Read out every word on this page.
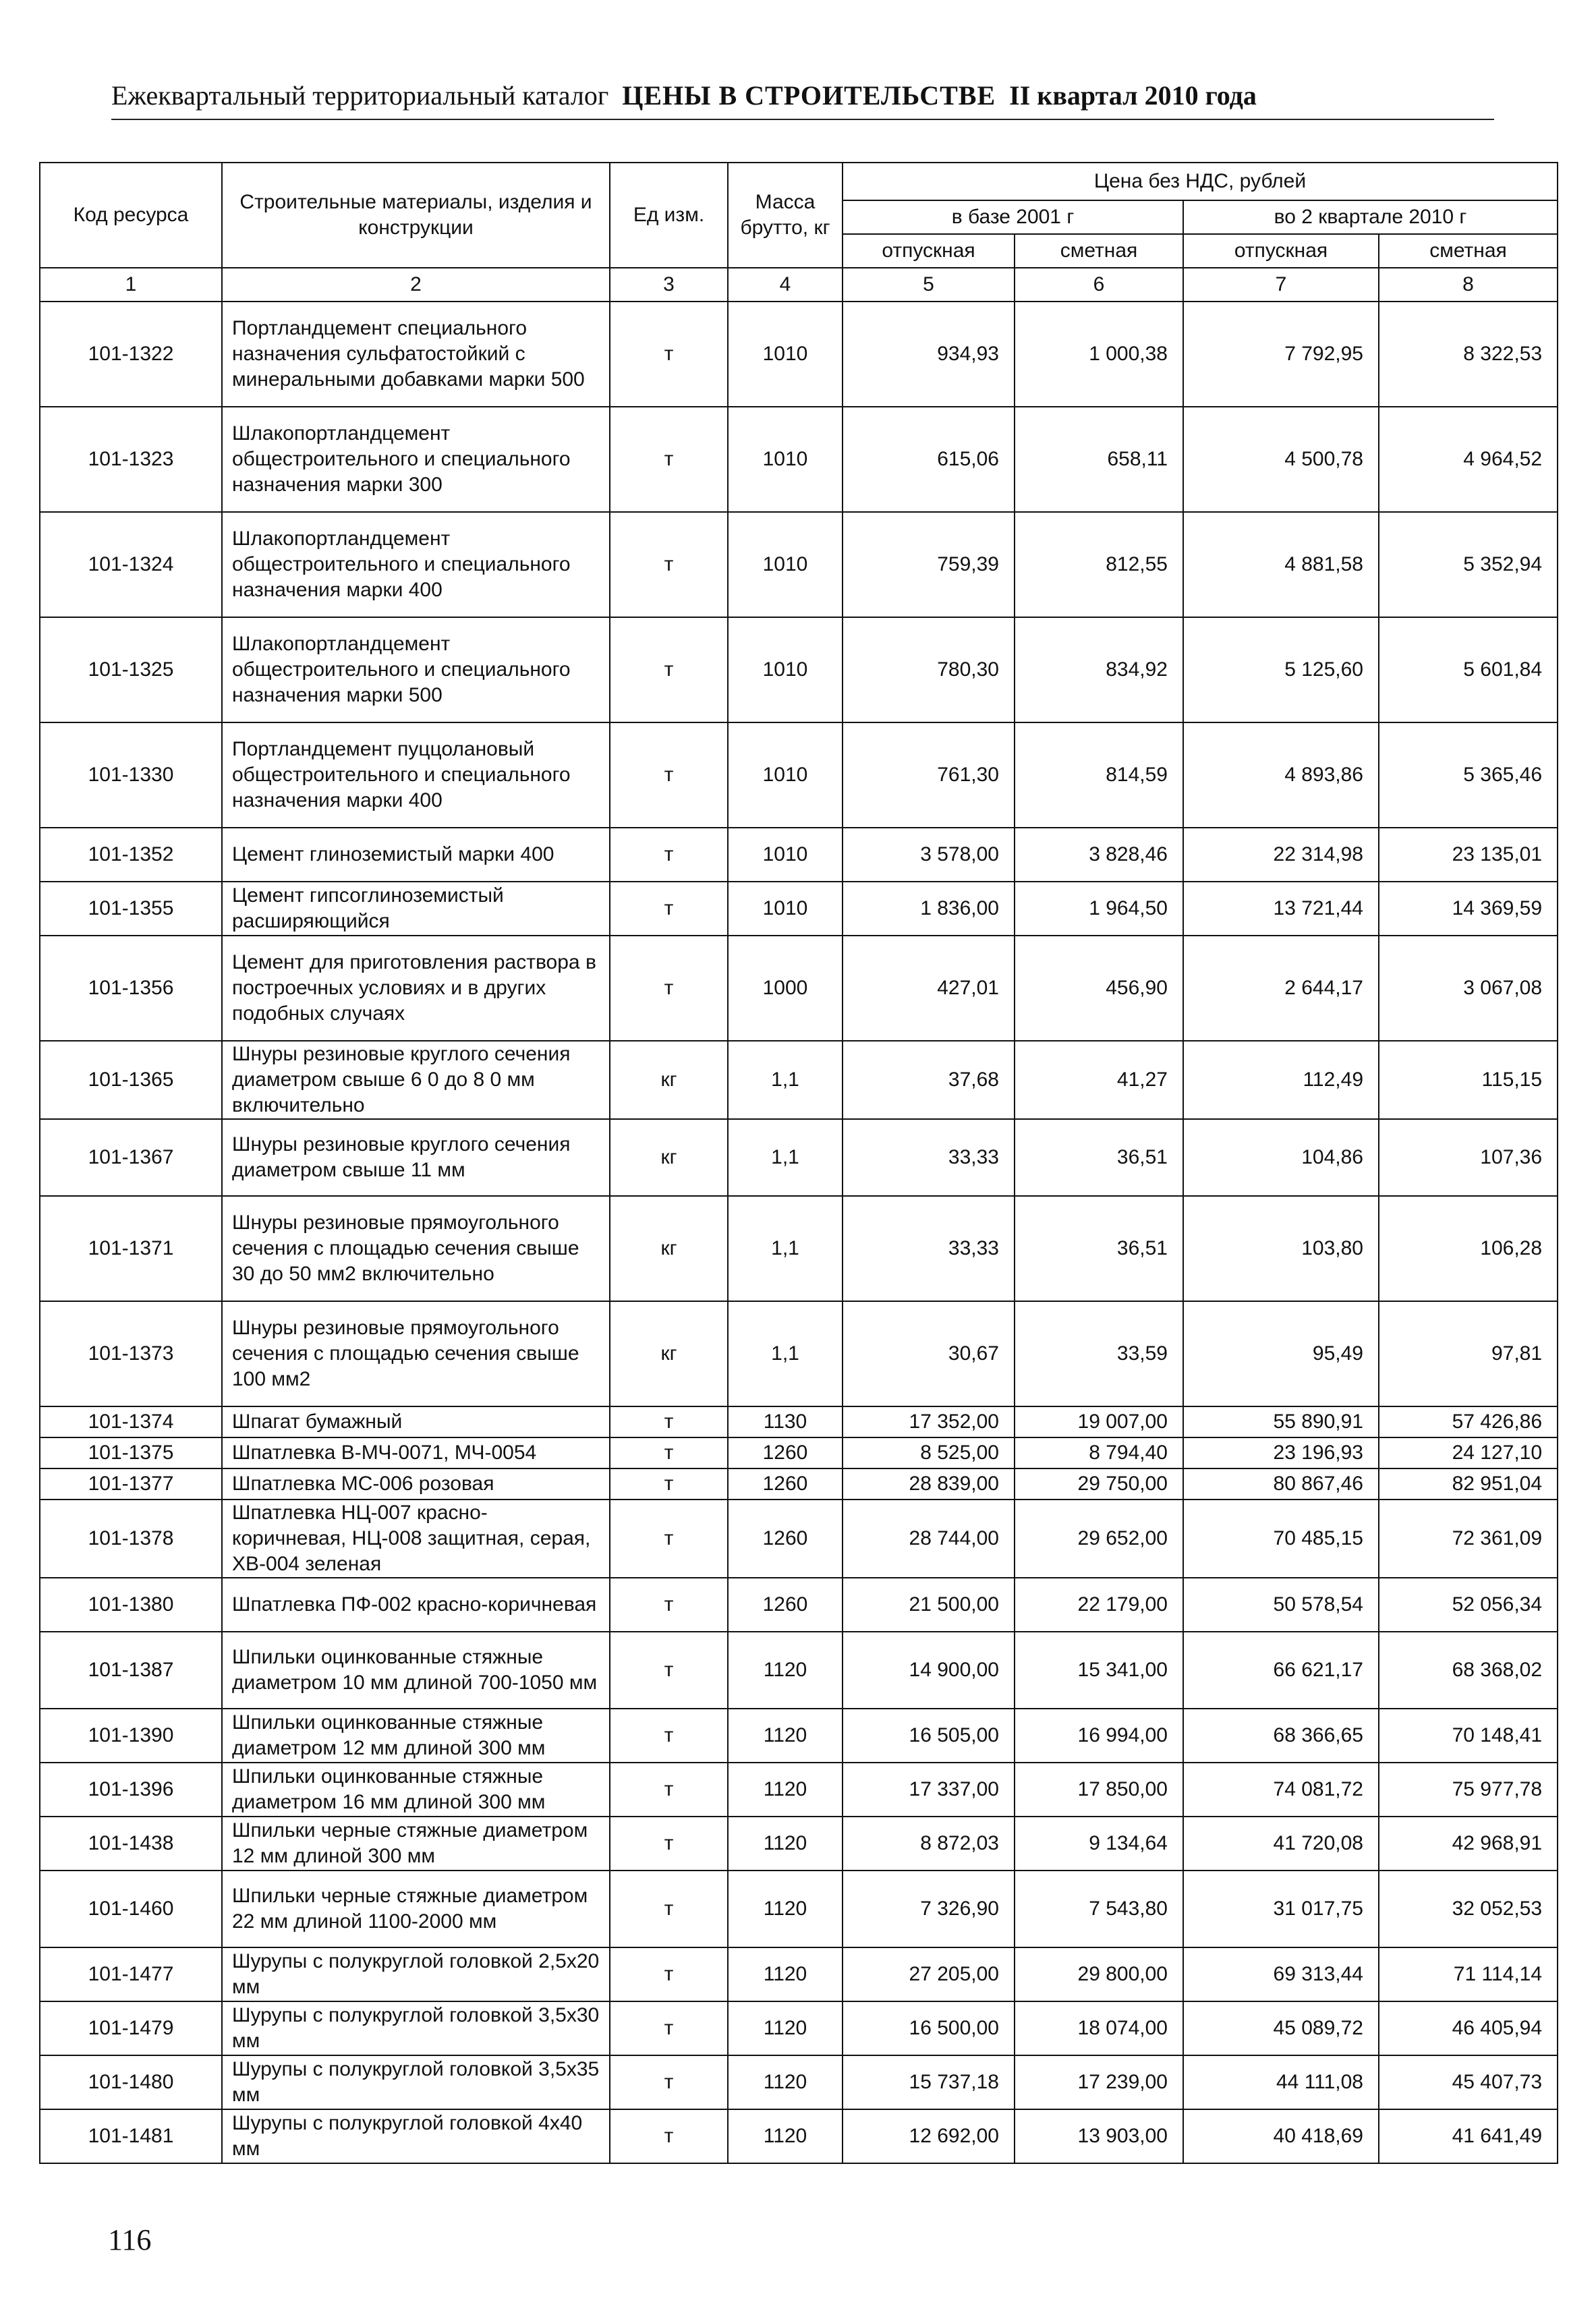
Ежеквартальный территориальный каталог ЦЕНЫ В СТРОИТЕЛЬСТВЕ II квартал 2010 года
Код ресурса	Строительные материалы, изделия и конструкции	Ед изм.	Масса брутто, кг	Цена без НДС, рублей			
				в базе 2001 г		во 2 квартале 2010 г	
				отпускная	сметная	отпускная	сметная
1	2	3	4	5	6	7	8
101-1322	Портландцемент специального назначения сульфатостойкий с минеральными добавками марки 500	т	1010	934,93	1 000,38	7 792,95	8 322,53
101-1323	Шлакопортландцемент общестроительного и специального назначения марки 300	т	1010	615,06	658,11	4 500,78	4 964,52
101-1324	Шлакопортландцемент общестроительного и специального назначения марки 400	т	1010	759,39	812,55	4 881,58	5 352,94
101-1325	Шлакопортландцемент общестроительного и специального назначения марки 500	т	1010	780,30	834,92	5 125,60	5 601,84
101-1330	Портландцемент пуццолановый общестроительного и специального назначения марки 400	т	1010	761,30	814,59	4 893,86	5 365,46
101-1352	Цемент глиноземистый марки 400	т	1010	3 578,00	3 828,46	22 314,98	23 135,01
101-1355	Цемент гипсоглиноземистый расширяющийся	т	1010	1 836,00	1 964,50	13 721,44	14 369,59
101-1356	Цемент для приготовления раствора в построечных условиях и в других подобных случаях	т	1000	427,01	456,90	2 644,17	3 067,08
101-1365	Шнуры резиновые круглого сечения диаметром свыше 6 0 до 8 0 мм включительно	кг	1,1	37,68	41,27	112,49	115,15
101-1367	Шнуры резиновые круглого сечения диаметром свыше 11 мм	кг	1,1	33,33	36,51	104,86	107,36
101-1371	Шнуры резиновые прямоугольного сечения с площадью сечения свыше 30 до 50 мм2 включительно	кг	1,1	33,33	36,51	103,80	106,28
101-1373	Шнуры резиновые прямоугольного сечения с площадью сечения свыше 100 мм2	кг	1,1	30,67	33,59	95,49	97,81
101-1374	Шпагат бумажный	т	1130	17 352,00	19 007,00	55 890,91	57 426,86
101-1375	Шпатлевка В-МЧ-0071, МЧ-0054	т	1260	8 525,00	8 794,40	23 196,93	24 127,10
101-1377	Шпатлевка МС-006 розовая	т	1260	28 839,00	29 750,00	80 867,46	82 951,04
101-1378	Шпатлевка НЦ-007 красно-коричневая, НЦ-008 защитная, серая, ХВ-004 зеленая	т	1260	28 744,00	29 652,00	70 485,15	72 361,09
101-1380	Шпатлевка ПФ-002 красно-коричневая	т	1260	21 500,00	22 179,00	50 578,54	52 056,34
101-1387	Шпильки оцинкованные стяжные диаметром 10 мм длиной 700-1050 мм	т	1120	14 900,00	15 341,00	66 621,17	68 368,02
101-1390	Шпильки оцинкованные стяжные диаметром 12 мм длиной 300 мм	т	1120	16 505,00	16 994,00	68 366,65	70 148,41
101-1396	Шпильки оцинкованные стяжные диаметром 16 мм длиной 300 мм	т	1120	17 337,00	17 850,00	74 081,72	75 977,78
101-1438	Шпильки черные стяжные диаметром 12 мм длиной 300 мм	т	1120	8 872,03	9 134,64	41 720,08	42 968,91
101-1460	Шпильки черные стяжные диаметром 22 мм длиной 1100-2000 мм	т	1120	7 326,90	7 543,80	31 017,75	32 052,53
101-1477	Шурупы с полукруглой головкой 2,5х20 мм	т	1120	27 205,00	29 800,00	69 313,44	71 114,14
101-1479	Шурупы с полукруглой головкой 3,5х30 мм	т	1120	16 500,00	18 074,00	45 089,72	46 405,94
101-1480	Шурупы с полукруглой головкой 3,5х35 мм	т	1120	15 737,18	17 239,00	44 111,08	45 407,73
101-1481	Шурупы с полукруглой головкой 4х40 мм	т	1120	12 692,00	13 903,00	40 418,69	41 641,49
116
